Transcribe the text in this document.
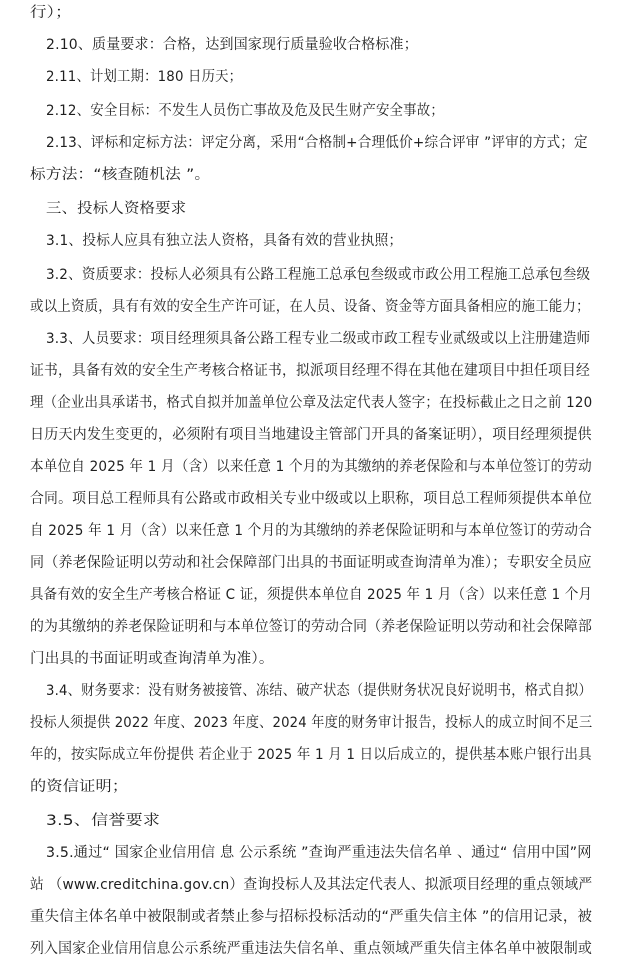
行）；
2.10、质量要求：合格，达到国家现行质量验收合格标准；
2.11、计划工期：180 日历天；
2.12、安全目标：不发生人员伤亡事故及危及民生财产安全事故；
2.13、评标和定标方法：评定分离，采用“合格制+合理低价+综合评审 ”评审的方式；定
标方法：“核查随机法 ”。
三、投标人资格要求
3.1、投标人应具有独立法人资格，具备有效的营业执照；
3.2、资质要求：投标人必须具有公路工程施工总承包叁级或市政公用工程施工总承包叁级
或以上资质，具有有效的安全生产许可证，在人员、设备、资金等方面具备相应的施工能力；
3.3、人员要求：项目经理须具备公路工程专业二级或市政工程专业贰级或以上注册建造师
证书，具备有效的安全生产考核合格证书，拟派项目经理不得在其他在建项目中担任项目经
理（企业出具承诺书，格式自拟并加盖单位公章及法定代表人签字；在投标截止之日之前 120
日历天内发生变更的，必须附有项目当地建设主管部门开具的备案证明），项目经理须提供
本单位自 2025 年 1 月（含）以来任意 1 个月的为其缴纳的养老保险和与本单位签订的劳动
合同。项目总工程师具有公路或市政相关专业中级或以上职称，项目总工程师须提供本单位
自 2025 年 1 月（含）以来任意 1 个月的为其缴纳的养老保险证明和与本单位签订的劳动合
同（养老保险证明以劳动和社会保障部门出具的书面证明或查询清单为准）；专职安全员应
具备有效的安全生产考核合格证 C 证，须提供本单位自 2025 年 1 月（含）以来任意 1 个月
的为其缴纳的养老保险证明和与本单位签订的劳动合同（养老保险证明以劳动和社会保障部
门出具的书面证明或查询清单为准）。
3.4、财务要求：没有财务被接管、冻结、破产状态（提供财务状况良好说明书，格式自拟）
投标人须提供 2022 年度、2023 年度、2024 年度的财务审计报告，投标人的成立时间不足三
年的，按实际成立年份提供 若企业于 2025 年 1 月 1 日以后成立的，提供基本账户银行出具
的资信证明；
3.5、信誉要求
3.5.通过“ 国家企业信用信 息 公示系统 ”查询严重违法失信名单 、通过“ 信用中国”网
站 （www.creditchina.gov.cn）查询投标人及其法定代表人、拟派项目经理的重点领域严
重失信主体名单中被限制或者禁止参与招标投标活动的“严重失信主体 ”的信用记录，被
列入国家企业信用信息公示系统严重违法失信名单、重点领域严重失信主体名单中被限制或
